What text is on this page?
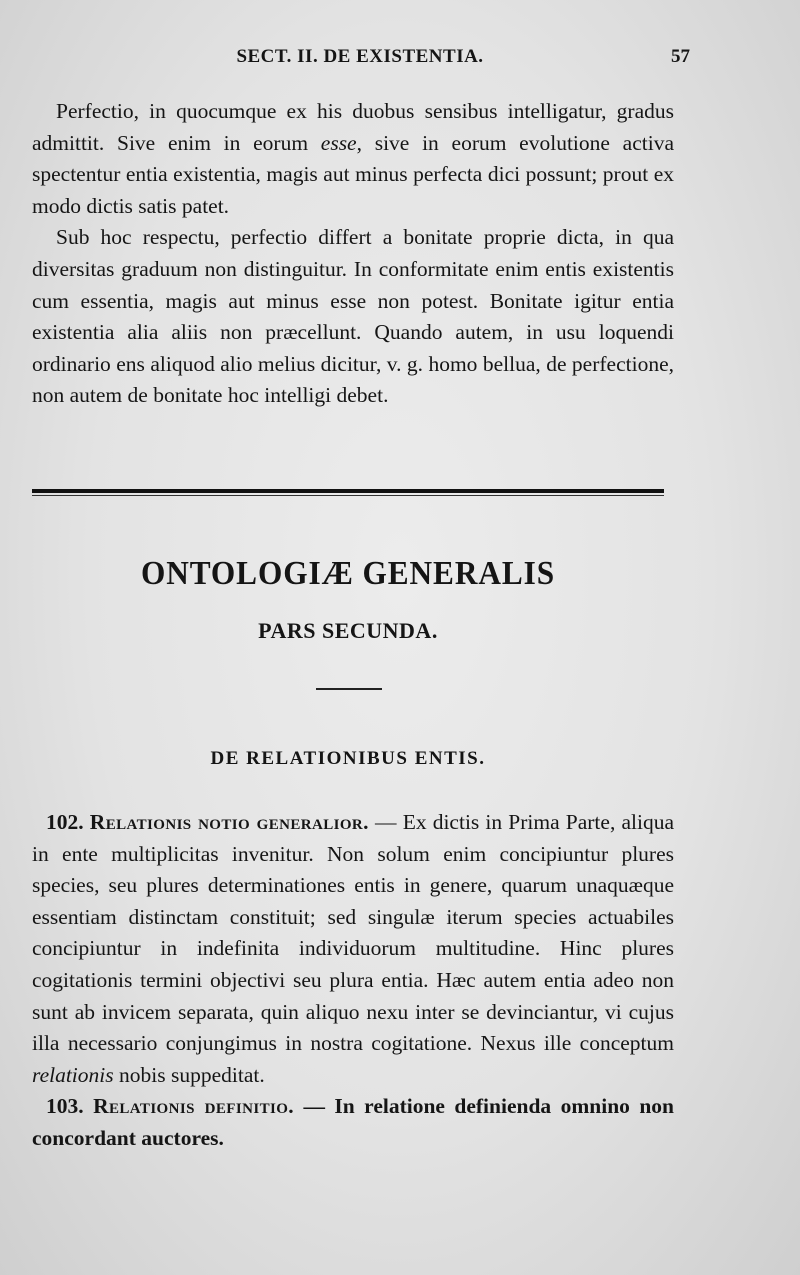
SECT. II. DE EXISTENTIA.	57

Perfectio, in quocumque ex his duobus sensibus intelligatur, gradus admittit. Sive enim in eorum esse, sive in eorum evolutione activa spectentur entia existentia, magis aut minus perfecta dici possunt; prout ex modo dictis satis patet.

Sub hoc respectu, perfectio differt a bonitate proprie dicta, in qua diversitas graduum non distinguitur. In conformitate enim entis existentis cum essentia, magis aut minus esse non potest. Bonitate igitur entia existentia alia aliis non præcellunt. Quando autem, in usu loquendi ordinario ens aliquod alio melius dicitur, v. g. homo bellua, de perfectione, non autem de bonitate hoc intelligi debet.

ONTOLOGIÆ GENERALIS
PARS SECUNDA.
DE RELATIONIBUS ENTIS.

102. Relationis notio generalior. — Ex dictis in Prima Parte, aliqua in ente multiplicitas invenitur. Non solum enim concipiuntur plures species, seu plures determinationes entis in genere, quarum unaquæque essentiam distinctam constituit; sed singulæ iterum species actuabiles concipiuntur in indefinita individuorum multitudine. Hinc plures cogitationis termini objectivi seu plura entia. Hæc autem entia adeo non sunt ab invicem separata, quin aliquo nexu inter se devinciantur, vi cujus illa necessario conjungimus in nostra cogitatione. Nexus ille conceptum relationis nobis suppeditat.

103. Relationis definitio. — In relatione definienda omnino non concordant auctores.
